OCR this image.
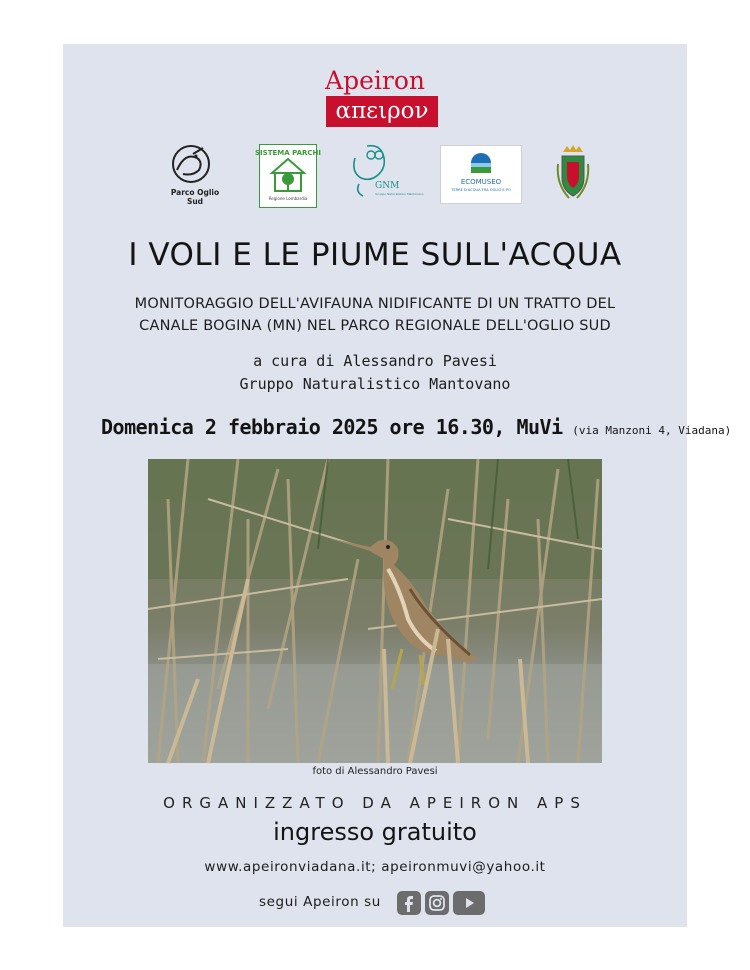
Apeiron
απειρον
Parco Oglio Sud
SISTEMA PARCHI
Regione Lombardia
GNM
Gruppo Naturalistico Mantovano
ECOMUSEO
TERRE D'ACQUA FRA OGLIO E PO
I VOLI E LE PIUME SULL'ACQUA
MONITORAGGIO DELL'AVIFAUNA NIDIFICANTE DI UN TRATTO DEL
CANALE BOGINA (MN) NEL PARCO REGIONALE DELL'OGLIO SUD
a cura di Alessandro Pavesi
Gruppo Naturalistico Mantovano
Domenica 2 febbraio 2025 ore 16.30, MuVi (via Manzoni 4, Viadana)
foto di Alessandro Pavesi
ORGANIZZATO DA APEIRON APS
ingresso gratuito
www.apeironviadana.it; apeironmuvi@yahoo.it
segui Apeiron su
